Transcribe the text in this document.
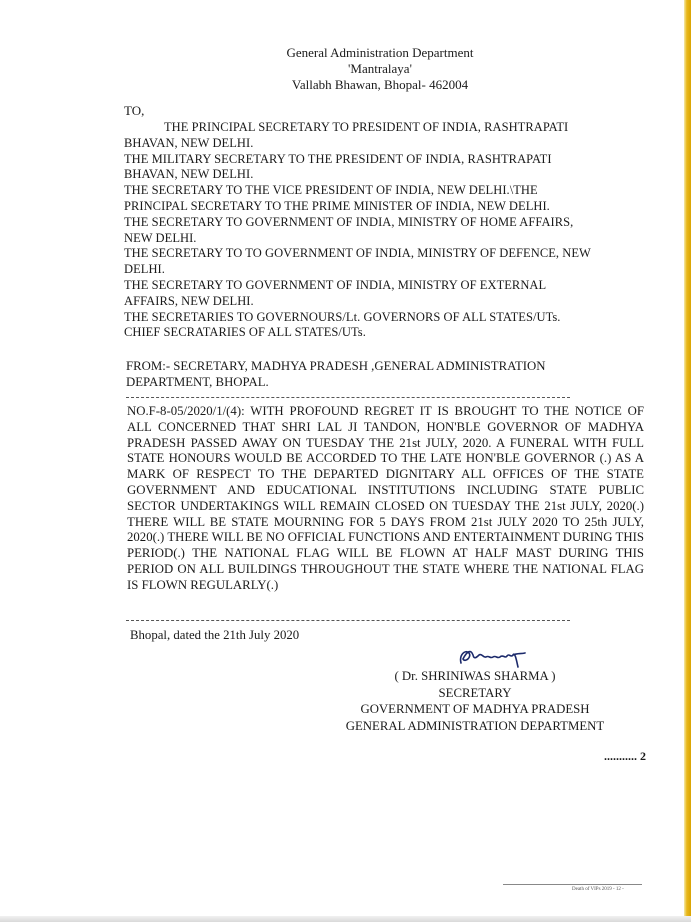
General Administration Department
'Mantralaya'
Vallabh Bhawan, Bhopal- 462004
TO,
THE PRINCIPAL SECRETARY TO PRESIDENT OF INDIA, RASHTRAPATI
BHAVAN, NEW DELHI.
THE MILITARY SECRETARY TO THE PRESIDENT OF INDIA, RASHTRAPATI
BHAVAN, NEW DELHI.
THE SECRETARY TO THE VICE PRESIDENT OF INDIA, NEW DELHI.\THE
PRINCIPAL SECRETARY TO THE PRIME MINISTER OF INDIA, NEW DELHI.
THE SECRETARY TO GOVERNMENT OF INDIA, MINISTRY OF HOME AFFAIRS,
NEW DELHI.
THE SECRETARY TO TO GOVERNMENT OF INDIA, MINISTRY OF DEFENCE, NEW
DELHI.
THE SECRETARY TO GOVERNMENT OF INDIA, MINISTRY OF EXTERNAL
AFFAIRS, NEW DELHI.
THE SECRETARIES TO GOVERNOURS/Lt. GOVERNORS OF ALL STATES/UTs.
CHIEF SECRATARIES OF ALL STATES/UTs.
FROM:- SECRETARY, MADHYA PRADESH ,GENERAL ADMINISTRATION
DEPARTMENT, BHOPAL.
NO.F-8-05/2020/1/(4): WITH PROFOUND REGRET IT IS BROUGHT TO THE NOTICE OF ALL CONCERNED THAT SHRI LAL JI TANDON, HON'BLE GOVERNOR OF MADHYA PRADESH PASSED AWAY ON TUESDAY THE 21st JULY, 2020. A FUNERAL WITH FULL STATE HONOURS WOULD BE ACCORDED TO THE LATE HON'BLE GOVERNOR (.) AS A MARK OF RESPECT TO THE DEPARTED DIGNITARY ALL OFFICES OF THE STATE GOVERNMENT AND EDUCATIONAL INSTITUTIONS INCLUDING STATE PUBLIC SECTOR UNDERTAKINGS WILL REMAIN CLOSED ON TUESDAY THE 21st JULY, 2020(.) THERE WILL BE STATE MOURNING FOR 5 DAYS FROM 21st JULY 2020 TO 25th JULY, 2020(.) THERE WILL BE NO OFFICIAL FUNCTIONS AND ENTERTAINMENT DURING THIS PERIOD(.) THE NATIONAL FLAG WILL BE FLOWN AT HALF MAST DURING THIS PERIOD ON ALL BUILDINGS THROUGHOUT THE STATE WHERE THE NATIONAL FLAG IS FLOWN REGULARLY(.)
Bhopal, dated the 21th July 2020
( Dr. SHRINIWAS SHARMA )
SECRETARY
GOVERNMENT OF MADHYA PRADESH
GENERAL ADMINISTRATION DEPARTMENT
........... 2
Death of VIPs 2019 - 12 -
